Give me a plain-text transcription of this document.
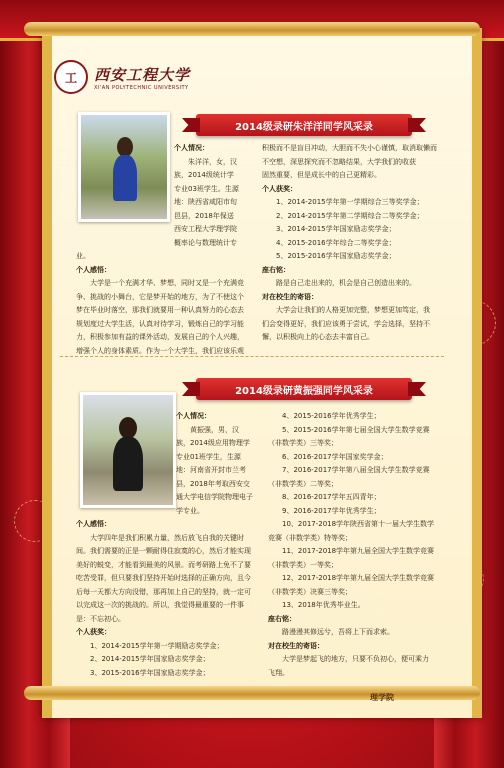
工 西安工程大学
XI'AN POLYTECHNIC UNIVERSITY
2014级录研朱洋洋同学风采录

个人情况：

朱洋洋，女，汉

族，2014级统计学

专业03班学生。生源

地：陕西省咸阳市旬

邑县，2018年保送

西安工程大学理学院

概率论与数理统计专

业。

个人感悟：

大学是一个充满才华、梦想，同时又是一个充满竞

争、挑战的小舞台，它是梦开始的地方，为了不使这个

梦在毕业时落空，那我们就要用一种认真努力的心态去

规划度过大学生活，认真对待学习，锻炼自己的学习能

力，积极参加有益的课外活动，发展自己的个人兴趣，

增强个人的身体素质。作为一个大学生，我们应该乐观

积极而不是盲目冲动，大胆而不失小心谨慎，取消取懒而

不空想，深思探究而不忽略结果，大学我们的收获

固然重要，但是成长中的自己更精彩。

个人获奖：

1、2014-2015学年第一学期综合三等奖学金；

2、2014-2015学年第二学期综合二等奖学金；

3、2014-2015学年国家励志奖学金；

4、2015-2016学年综合二等奖学金；

5、2015-2016学年国家励志奖学金；

座右铭：

路是自己走出来的，机会是自己创造出来的。

对在校生的寄语：

大学会让我们的人格更加完整，梦想更加笃定，我

们会变得更好，我们应该勇于尝试，学会选择，坚持不

懈，以积极向上的心态去丰富自己。

2014级录研黄振强同学风采录

个人情况：

黄振强，男，汉

族，2014级应用物理学

专业01班学生，生源

地：河南省开封市兰考

县，2018年考取西安交

通大学电信学院物理电子

学专业。

个人感悟：

大学四年是我们积累力量，然后放飞自我的关键时

间。我们需要的正是一颗耐得住寂寞的心，然后才能实现

美好的蜕变，才能看到最美的风景。而考研路上免不了要

吃苦受罪，但只要我们坚持开始时选择的正确方向，且今

后每一天都大方向没错，那再加上自己的坚持，就一定可

以完成这一次的挑战的。所以，我觉得最重要的一件事

是：不忘初心。

个人获奖：

1、2014-2015学年第一学期励志奖学金；

2、2014-2015学年国家励志奖学金；

3、2015-2016学年国家励志奖学金；

4、2015-2016学年优秀学生；

5、2015-2016学年第七届全国大学生数学竞赛

（非数学类）三等奖；

6、2016-2017学年国家奖学金；

7、2016-2017学年第八届全国大学生数学竞赛

（非数学类）二等奖；

8、2016-2017学年五四青年；

9、2016-2017学年优秀学生；

10、2017-2018学年陕西省第十一届大学生数学

竞赛（非数学类）特等奖；

11、2017-2018学年第九届全国大学生数学竞赛

（非数学类）一等奖；

12、2017-2018学年第九届全国大学生数学竞赛

（非数学类）决赛三等奖；

13、2018年优秀毕业生。

座右铭：

路漫漫其修远兮，吾将上下而求索。

对在校生的寄语：

大学是梦起飞的地方，只要不负初心，便可乘力

飞翔。

理学院
